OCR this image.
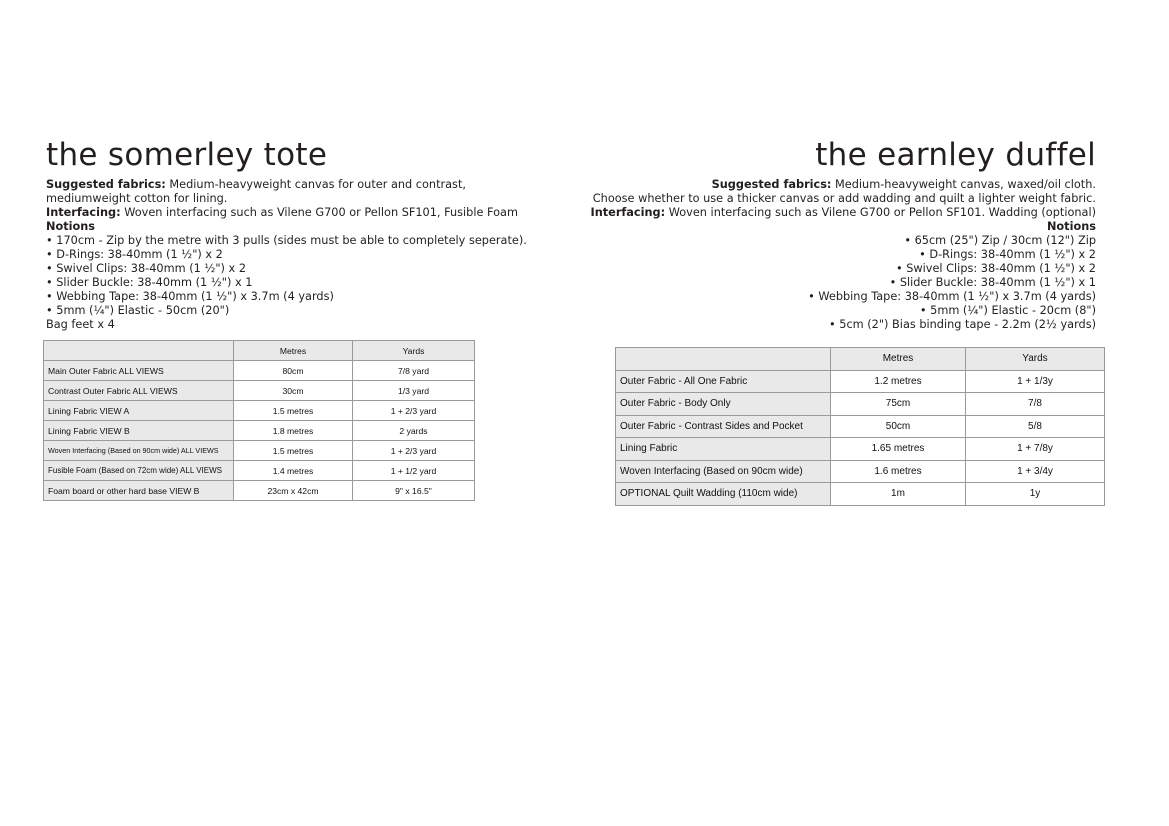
the somerley tote

Suggested fabrics: Medium-heavyweight canvas for outer and contrast,

mediumweight cotton for lining.

Interfacing: Woven interfacing such as Vilene G700 or Pellon SF101, Fusible Foam

Notions

• 170cm - Zip by the metre with 3 pulls (sides must be able to completely seperate).

• D-Rings: 38-40mm (1 ½") x 2

• Swivel Clips: 38-40mm (1 ½") x 2

• Slider Buckle: 38-40mm (1 ½") x 1

• Webbing Tape: 38-40mm (1 ½") x 3.7m (4 yards)

• 5mm (¼") Elastic - 50cm (20")

Bag feet x 4

	Metres	Yards
Main Outer Fabric ALL VIEWS	80cm	7/8 yard
Contrast Outer Fabric ALL VIEWS	30cm	1/3 yard
Lining Fabric VIEW A	1.5 metres	1 + 2/3 yard
Lining Fabric VIEW B	1.8 metres	2 yards
Woven Interfacing (Based on 90cm wide) ALL VIEWS	1.5 metres	1 + 2/3 yard
Fusible Foam (Based on 72cm wide) ALL VIEWS	1.4 metres	1 + 1/2 yard
Foam board or other hard base VIEW B	23cm x 42cm	9" x 16.5"
the earnley duffel

Suggested fabrics: Medium-heavyweight canvas, waxed/oil cloth.

Choose whether to use a thicker canvas or add wadding and quilt a lighter weight fabric.

Interfacing: Woven interfacing such as Vilene G700 or Pellon SF101. Wadding (optional)

Notions

• 65cm (25") Zip / 30cm (12") Zip

• D-Rings: 38-40mm (1 ½") x 2

• Swivel Clips: 38-40mm (1 ½") x 2

• Slider Buckle: 38-40mm (1 ½") x 1

• Webbing Tape: 38-40mm (1 ½") x 3.7m (4 yards)

• 5mm (¼") Elastic - 20cm (8")

• 5cm (2") Bias binding tape - 2.2m (2½ yards)

	Metres	Yards
Outer Fabric - All One Fabric	1.2 metres	1 + 1/3y
Outer Fabric - Body Only	75cm	7/8
Outer Fabric - Contrast Sides and Pocket	50cm	5/8
Lining Fabric	1.65 metres	1 + 7/8y
Woven Interfacing (Based on 90cm wide)	1.6 metres	1 + 3/4y
OPTIONAL Quilt Wadding (110cm wide)	1m	1y
